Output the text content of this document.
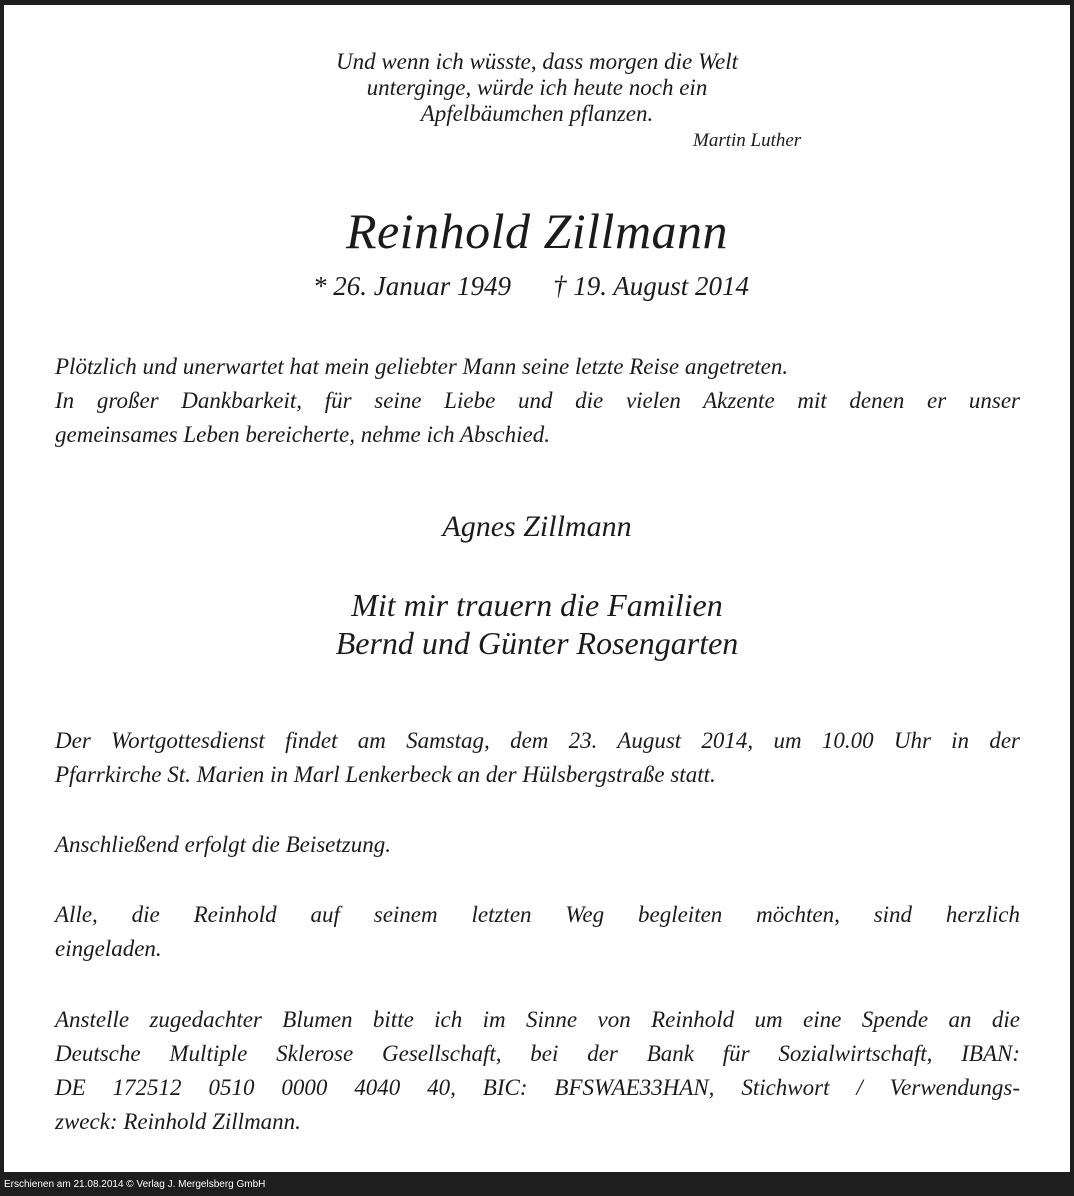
Und wenn ich wüsste, dass morgen die Welt
unterginge, würde ich heute noch ein
Apfelbäumchen pflanzen.
Martin Luther
Reinhold Zillmann
* 26. Januar 1949 † 19. August 2014
Plötzlich und unerwartet hat mein geliebter Mann seine letzte Reise angetreten.
In großer Dankbarkeit, für seine Liebe und die vielen Akzente mit denen er unser
gemeinsames Leben bereicherte, nehme ich Abschied.
Agnes Zillmann
Mit mir trauern die Familien
Bernd und Günter Rosengarten
Der Wortgottesdienst findet am Samstag, dem 23. August 2014, um 10.00 Uhr in der
Pfarrkirche St. Marien in Marl Lenkerbeck an der Hülsbergstraße statt.
Anschließend erfolgt die Beisetzung.
Alle, die Reinhold auf seinem letzten Weg begleiten möchten, sind herzlich
eingeladen.
Anstelle zugedachter Blumen bitte ich im Sinne von Reinhold um eine Spende an die
Deutsche Multiple Sklerose Gesellschaft, bei der Bank für Sozialwirtschaft, IBAN:
DE 172512 0510 0000 4040 40, BIC: BFSWAE33HAN, Stichwort / Verwendungs-
zweck: Reinhold Zillmann.
Erschienen am 21.08.2014 © Verlag J. Mergelsberg GmbH
